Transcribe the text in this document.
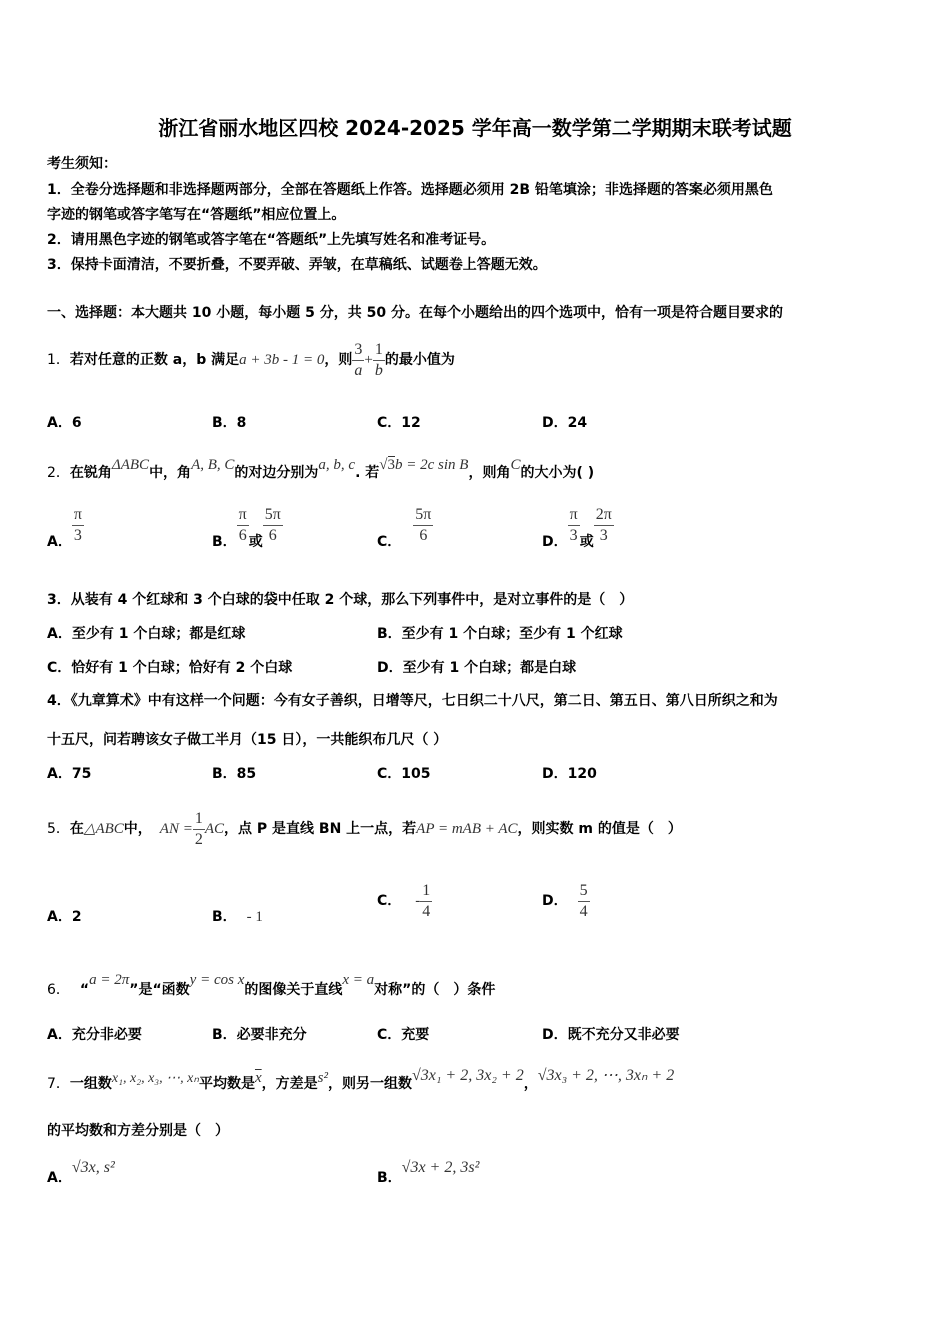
浙江省丽水地区四校 2024-2025 学年高一数学第二学期期末联考试题
考生须知：
1．全卷分选择题和非选择题两部分，全部在答题纸上作答。选择题必须用 2B 铅笔填涂；非选择题的答案必须用黑色
字迹的钢笔或答字笔写在“答题纸”相应位置上。
2．请用黑色字迹的钢笔或答字笔在“答题纸”上先填写姓名和准考证号。
3．保持卡面清洁，不要折叠，不要弄破、弄皱，在草稿纸、试题卷上答题无效。
一、选择题：本大题共 10 小题，每小题 5 分，共 50 分。在每个小题给出的四个选项中，恰有一项是符合题目要求的
1．若对任意的正数 a，b 满足a + 3b - 1 = 0，则 $\frac{3}{a} + \frac{1}{b}$ 的最小值为
A．6	B．8	C．12	D．24
2．在锐角ΔABC中，角A, B, C的对边分别为a, b, c. 若√3b = 2c sin B，则角C的大小为( )
A． $\frac{\pi}{3}$	B． $\frac{\pi}{6}$ 或 $\frac{5\pi}{6}$	C． $\frac{5\pi}{6}$	D． $\frac{\pi}{3}$ 或 $\frac{2\pi}{3}$
3．从装有 4 个红球和 3 个白球的袋中任取 2 个球，那么下列事件中，是对立事件的是（　）
A．至少有 1 个白球；都是红球	B．至少有 1 个白球；至少有 1 个红球
C．恰好有 1 个白球；恰好有 2 个白球	D．至少有 1 个白球；都是白球
4．《九章算术》中有这样一个问题：今有女子善织，日增等尺，七日织二十八尺，第二日、第五日、第八日所织之和为
十五尺，问若聘该女子做工半月（15 日），一共能织布几尺（ ）
A．75	B．85	C．105	D．120
5．在△ABC中， AN = $\frac{1}{2}$ AC，点 P 是直线 BN 上一点，若AP = mAB + AC，则实数 m 的值是（　）
A．2	B． - 1
C． - $\frac{1}{4}$	D． $\frac{5}{4}$
6． “a = 2π”是“函数y = cos x的图像关于直线x = a对称”的（　）条件
A．充分非必要	B．必要非充分	C．充要	D．既不充分又非必要
7．一组数x₁, x₂, x₃, ⋯, xₙ平均数是$\overline{x}$，方差是s²，则另一组数√3x₁ + 2, 3x₂ + 2，√3x₃ + 2, ⋯, 3xₙ + 2
的平均数和方差分别是（　）
A．√3x, s²
B．√3x + 2, 3s²
